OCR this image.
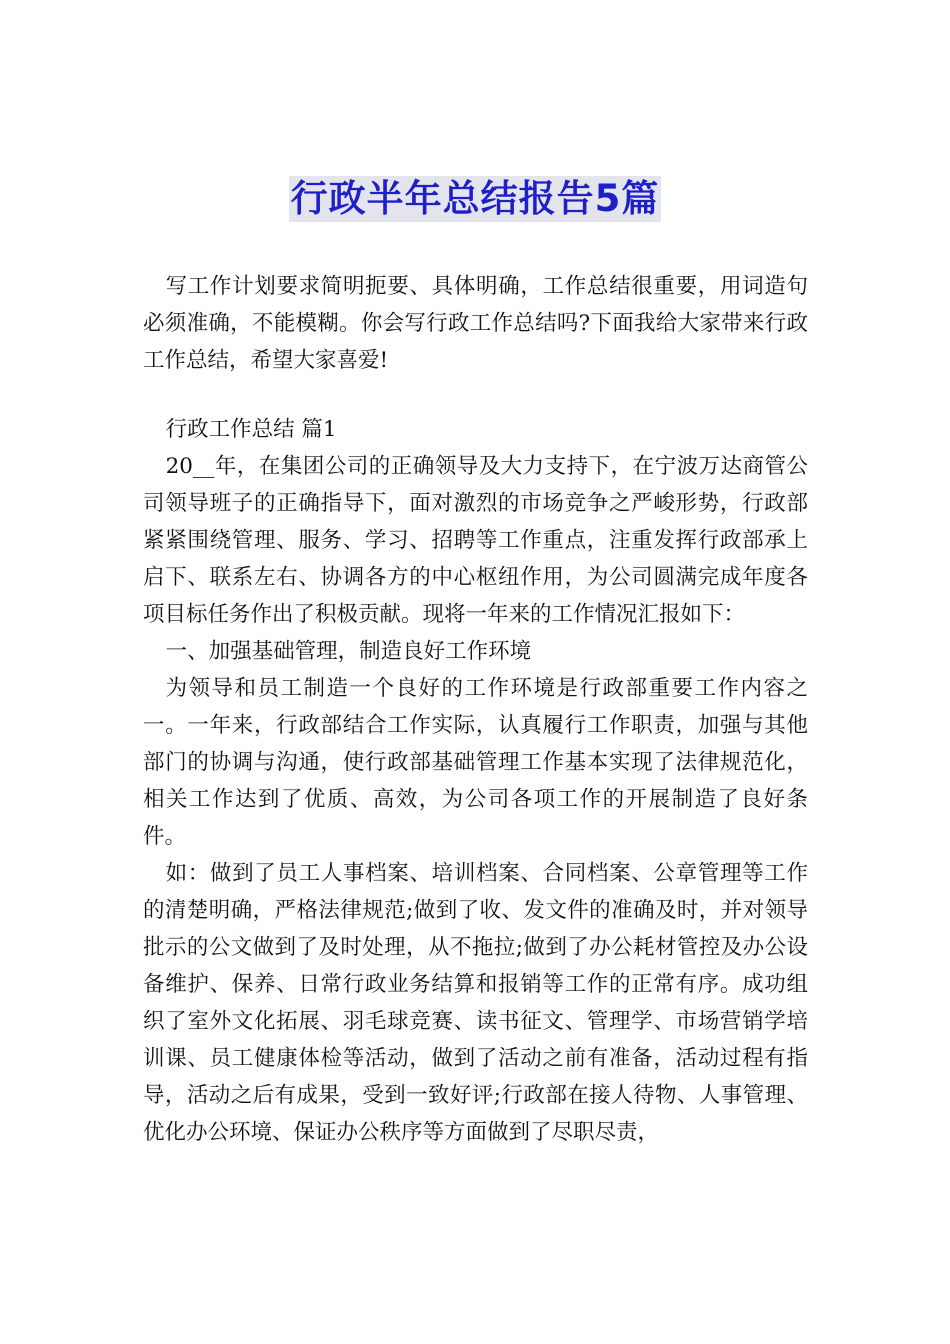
行政半年总结报告5篇

写工作计划要求简明扼要、具体明确，工作总结很重要，用词造句必须准确，不能模糊。你会写行政工作总结吗?下面我给大家带来行政工作总结，希望大家喜爱!

行政工作总结 篇1

20__年，在集团公司的正确领导及大力支持下，在宁波万达商管公司领导班子的正确指导下，面对激烈的市场竞争之严峻形势，行政部紧紧围绕管理、服务、学习、招聘等工作重点，注重发挥行政部承上启下、联系左右、协调各方的中心枢纽作用，为公司圆满完成年度各项目标任务作出了积极贡献。现将一年来的工作情况汇报如下：

一、加强基础管理，制造良好工作环境

为领导和员工制造一个良好的工作环境是行政部重要工作内容之一。一年来，行政部结合工作实际，认真履行工作职责，加强与其他部门的协调与沟通，使行政部基础管理工作基本实现了法律规范化，相关工作达到了优质、高效，为公司各项工作的开展制造了良好条件。

如：做到了员工人事档案、培训档案、合同档案、公章管理等工作的清楚明确，严格法律规范;做到了收、发文件的准确及时，并对领导批示的公文做到了及时处理，从不拖拉;做到了办公耗材管控及办公设备维护、保养、日常行政业务结算和报销等工作的正常有序。成功组织了室外文化拓展、羽毛球竞赛、读书征文、管理学、市场营销学培训课、员工健康体检等活动，做到了活动之前有准备，活动过程有指导，活动之后有成果，受到一致好评;行政部在接人待物、人事管理、优化办公环境、保证办公秩序等方面做到了尽职尽责，
